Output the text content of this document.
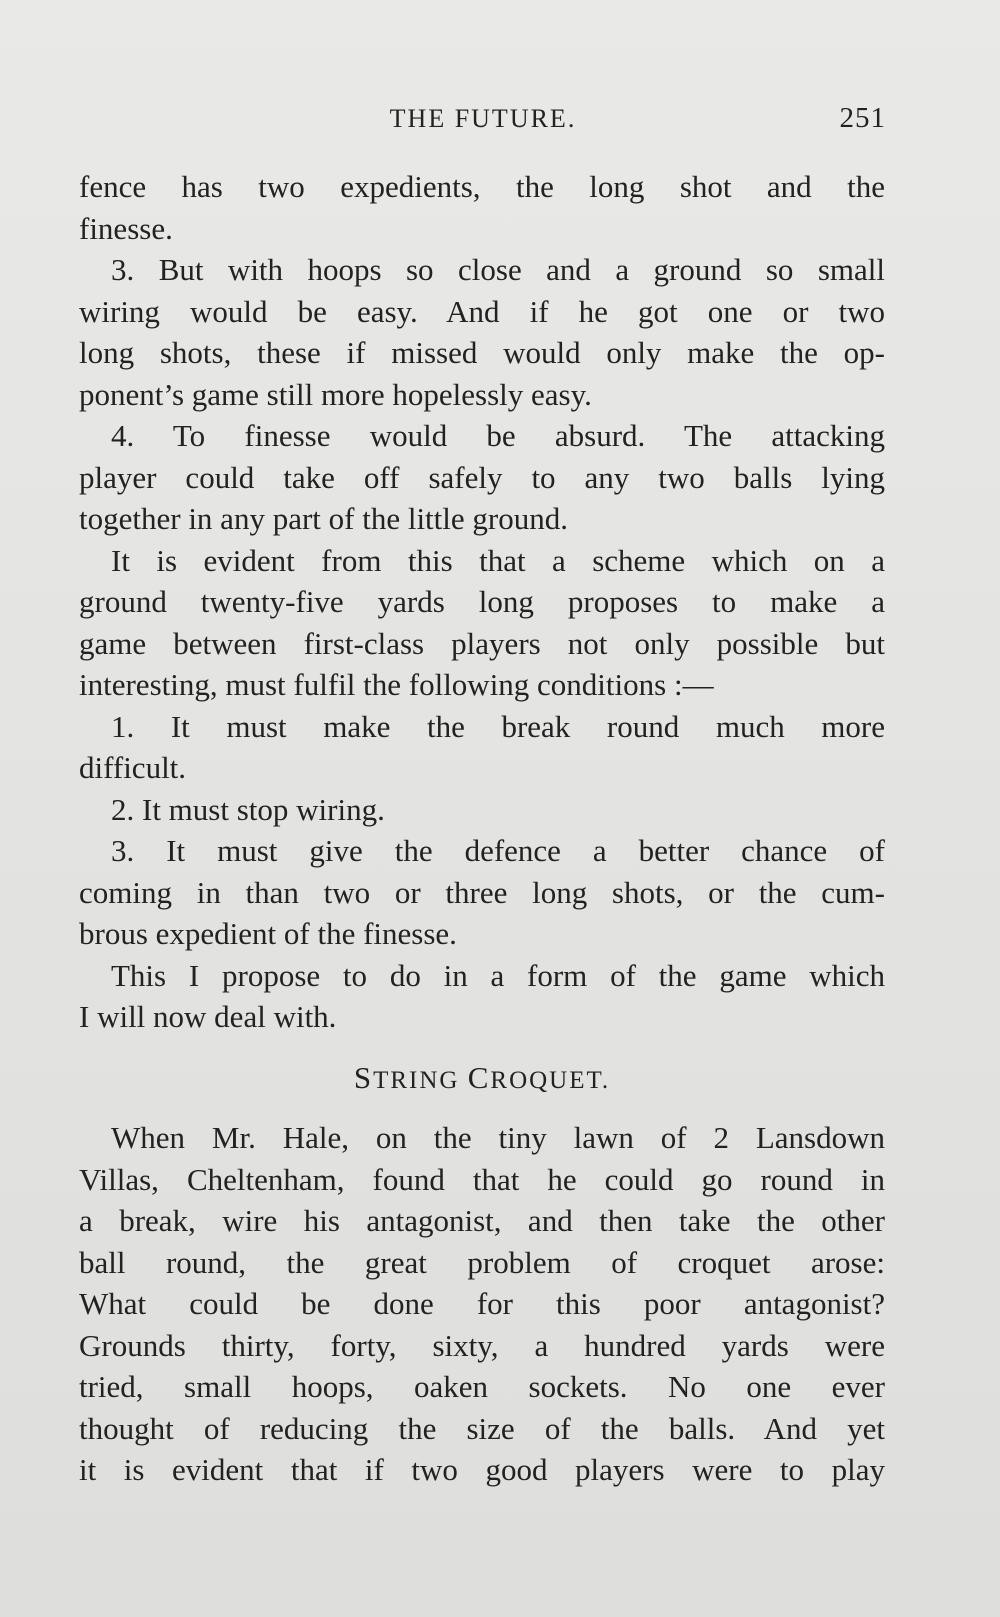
THE FUTURE.	251
fence has two expedients, the long shot and the
finesse.
3. But with hoops so close and a ground so small
wiring would be easy. And if he got one or two
long shots, these if missed would only make the op-
ponent’s game still more hopelessly easy.
4. To finesse would be absurd. The attacking
player could take off safely to any two balls lying
together in any part of the little ground.
It is evident from this that a scheme which on a
ground twenty-five yards long proposes to make a
game between first-class players not only possible but
interesting, must fulfil the following conditions :—
1. It must make the break round much more
difficult.
2. It must stop wiring.
3. It must give the defence a better chance of
coming in than two or three long shots, or the cum-
brous expedient of the finesse.
This I propose to do in a form of the game which
I will now deal with.
STRING CROQUET.
When Mr. Hale, on the tiny lawn of 2 Lansdown
Villas, Cheltenham, found that he could go round in
a break, wire his antagonist, and then take the other
ball round, the great problem of croquet arose:
What could be done for this poor antagonist?
Grounds thirty, forty, sixty, a hundred yards were
tried, small hoops, oaken sockets. No one ever
thought of reducing the size of the balls. And yet
it is evident that if two good players were to play
